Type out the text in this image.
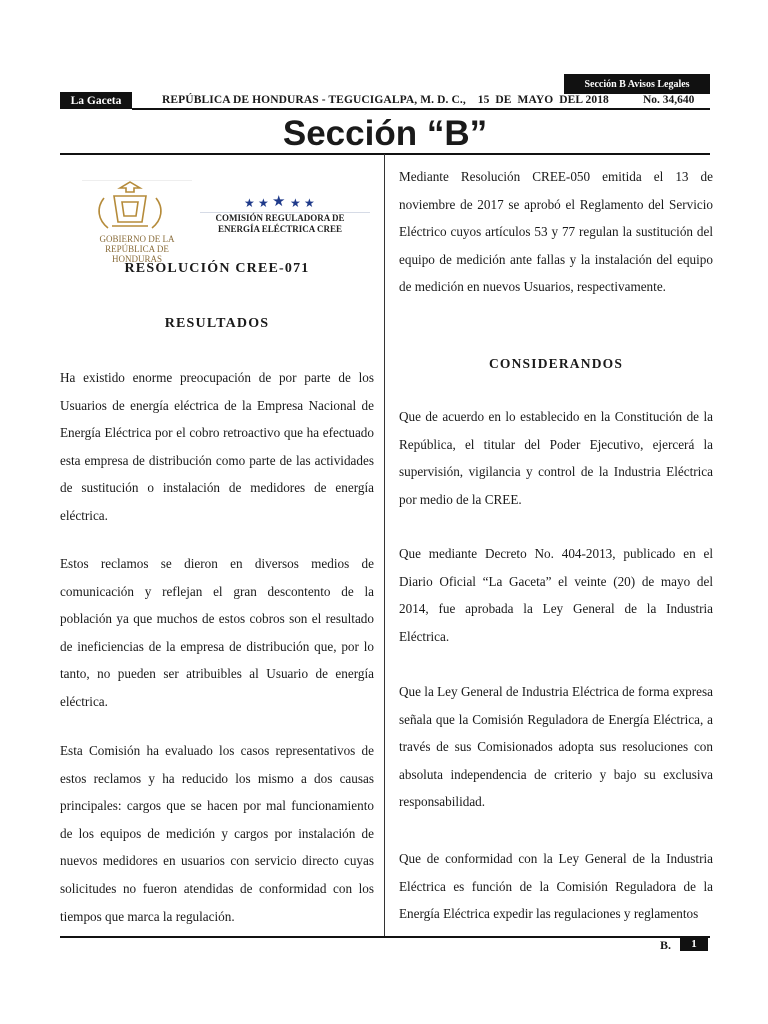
Sección B Avisos Legales
La Gaceta	REPÚBLICA DE HONDURAS - TEGUCIGALPA, M. D. C.,    15  DE  MAYO  DEL 2018	No. 34,640
Sección “B”
GOBIERNO DE LA REPÚBLICA DE HONDURAS
★ ★ ★ ★ ★
COMISIÓN REGULADORA DE ENERGÍA ELÉCTRICA CREE
RESOLUCIÓN CREE-071
RESULTADOS

Ha existido enorme preocupación de por parte de los Usuarios de energía eléctrica de la Empresa Nacional de Energía Eléctrica por el cobro retroactivo que ha efectuado esta empresa de distribución como parte de las actividades de sustitución o instalación de medidores de energía eléctrica.

Estos reclamos se dieron en diversos medios de comunicación y reflejan el gran descontento de la población ya que muchos de estos cobros son el resultado de ineficiencias de la empresa de distribución que, por lo tanto, no pueden ser atribuibles al Usuario de energía eléctrica.

Esta Comisión ha evaluado los casos representativos de estos reclamos y ha reducido los mismo a dos causas principales: cargos que se hacen por mal funcionamiento de los equipos de medición y cargos por instalación de nuevos medidores en usuarios con servicio directo cuyas solicitudes no fueron atendidas de conformidad con los tiempos que marca la regulación.

Mediante Resolución CREE-050 emitida el 13 de noviembre de 2017 se aprobó el Reglamento del Servicio Eléctrico cuyos artículos 53 y 77 regulan la sustitución del equipo de medición ante fallas y la instalación del equipo de medición en nuevos Usuarios, respectivamente.

CONSIDERANDOS

Que de acuerdo en lo establecido en la Constitución de la República, el titular del Poder Ejecutivo, ejercerá la supervisión, vigilancia y control de la Industria Eléctrica por medio de la CREE.

Que mediante Decreto No. 404-2013, publicado en el Diario Oficial “La Gaceta” el veinte (20) de mayo del 2014, fue aprobada la Ley General de la Industria Eléctrica.

Que la Ley General de Industria Eléctrica de forma expresa señala que la Comisión Reguladora de Energía Eléctrica, a través de sus Comisionados adopta sus resoluciones con absoluta independencia de criterio y bajo su exclusiva responsabilidad.

Que de conformidad con la Ley General de la Industria Eléctrica es función de la Comisión Reguladora de la Energía Eléctrica expedir las regulaciones y reglamentos

B.	1
